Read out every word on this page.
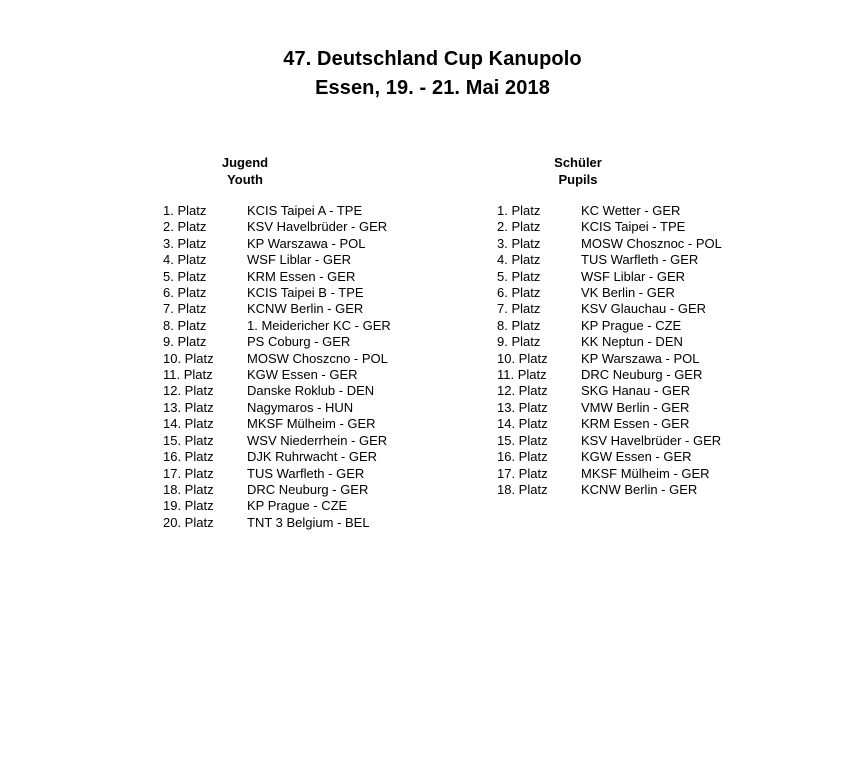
47. Deutschland Cup Kanupolo
Essen, 19. - 21. Mai 2018
Jugend
Youth
Schüler
Pupils
1. Platz	KCIS Taipei A - TPE
2. Platz	KSV Havelbrüder - GER
3. Platz	KP Warszawa - POL
4. Platz	WSF Liblar - GER
5. Platz	KRM Essen - GER
6. Platz	KCIS Taipei B - TPE
7. Platz	KCNW Berlin - GER
8. Platz	1. Meidericher KC - GER
9. Platz	PS Coburg - GER
10. Platz	MOSW Choszcno - POL
11. Platz	KGW Essen - GER
12. Platz	Danske Roklub - DEN
13. Platz	Nagymaros - HUN
14. Platz	MKSF Mülheim - GER
15. Platz	WSV Niederrhein - GER
16. Platz	DJK Ruhrwacht - GER
17. Platz	TUS Warfleth - GER
18. Platz	DRC Neuburg - GER
19. Platz	KP Prague - CZE
20. Platz	TNT 3 Belgium - BEL
1. Platz	KC Wetter - GER
2. Platz	KCIS Taipei - TPE
3. Platz	MOSW Chosznoc - POL
4. Platz	TUS Warfleth - GER
5. Platz	WSF Liblar - GER
6. Platz	VK Berlin - GER
7. Platz	KSV Glauchau - GER
8. Platz	KP Prague - CZE
9. Platz	KK Neptun - DEN
10. Platz	KP Warszawa - POL
11. Platz	DRC Neuburg - GER
12. Platz	SKG Hanau - GER
13. Platz	VMW Berlin - GER
14. Platz	KRM Essen - GER
15. Platz	KSV Havelbrüder - GER
16. Platz	KGW Essen - GER
17. Platz	MKSF Mülheim - GER
18. Platz	KCNW Berlin - GER
